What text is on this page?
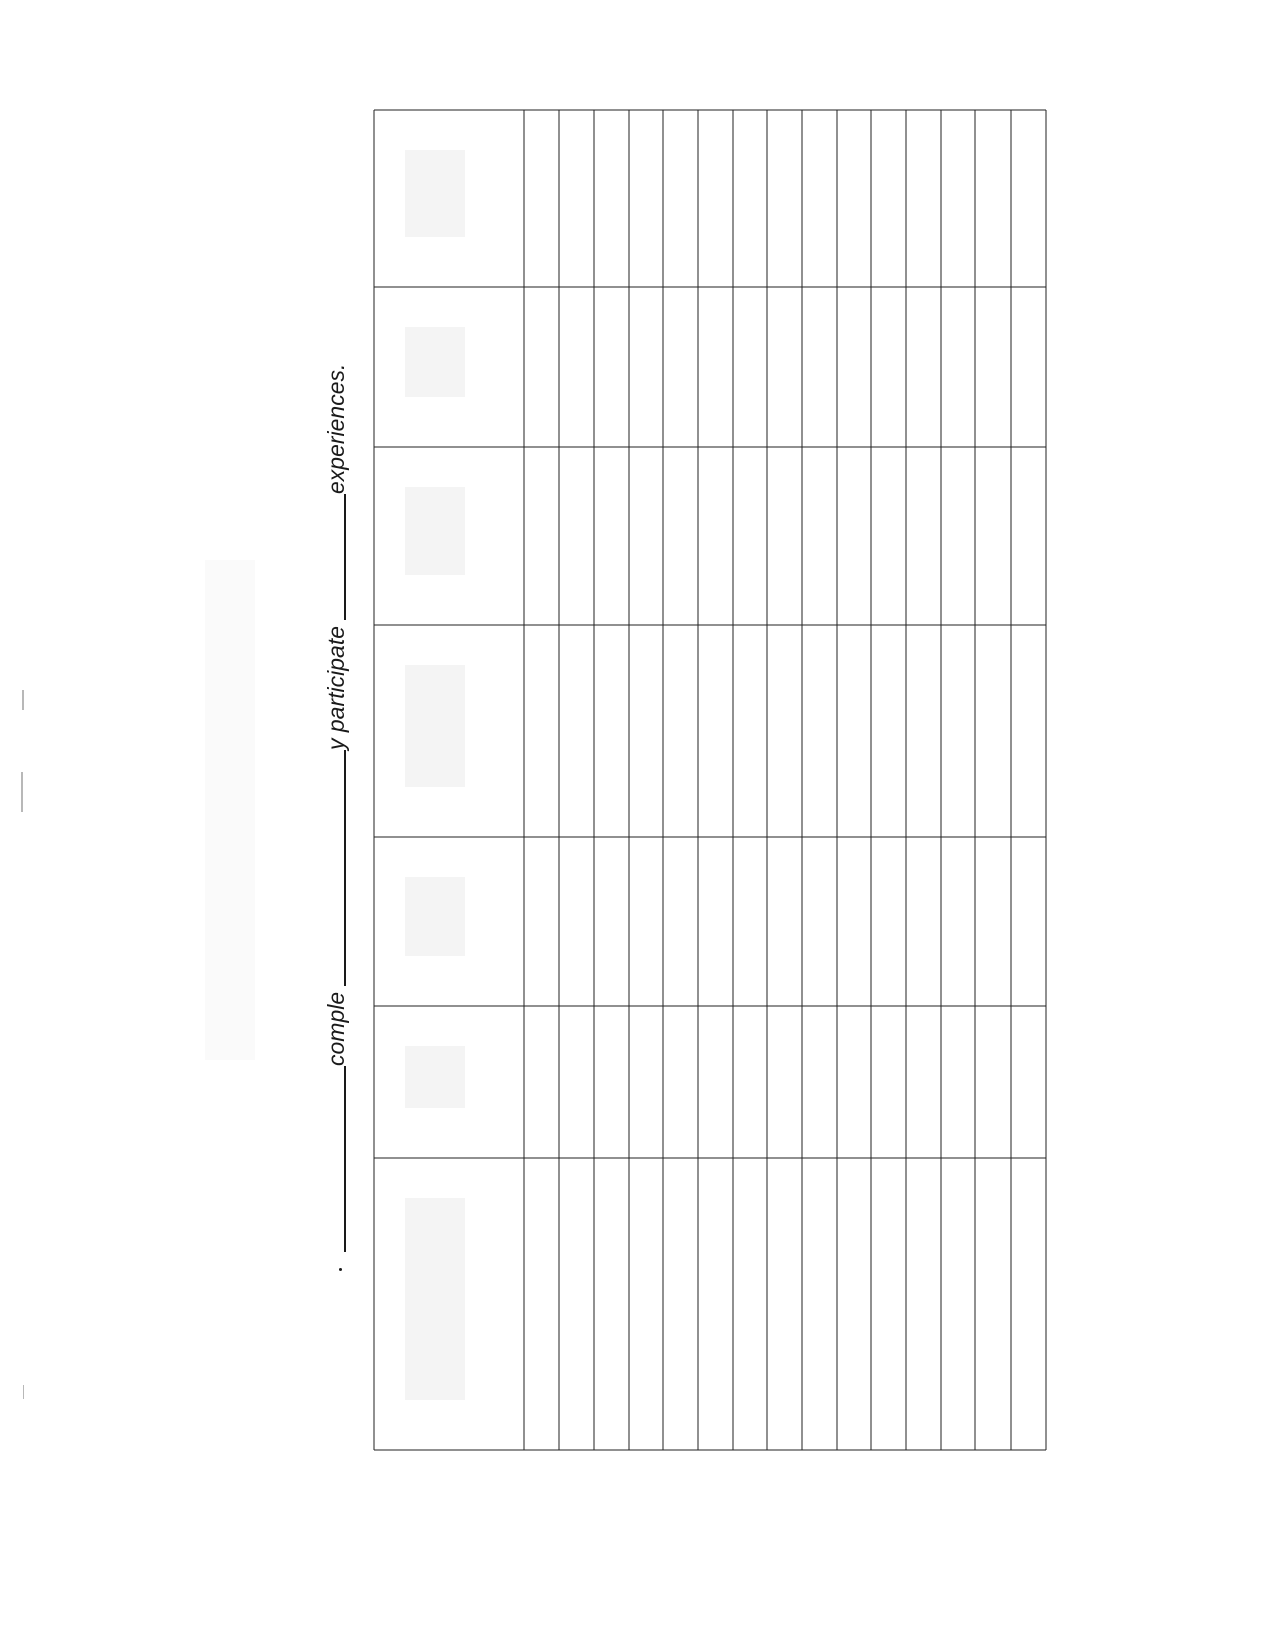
comple
y participate
experiences.
